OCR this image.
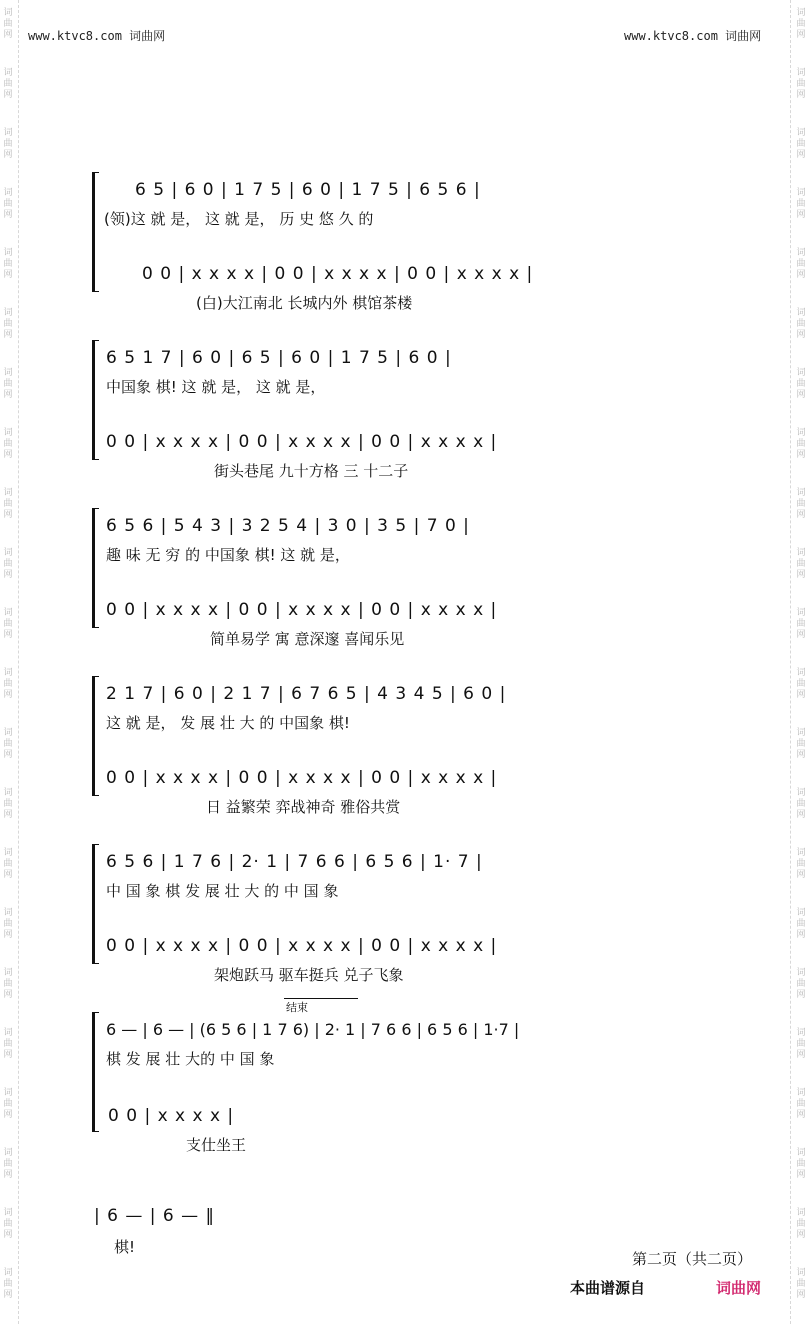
词
曲
网
词
曲
网
词
曲
网
词
曲
网
词
曲
网
词
曲
网
词
曲
网
词
曲
网
词
曲
网
词
曲
网
词
曲
网
词
曲
网
词
曲
网
词
曲
网
词
曲
网
词
曲
网
词
曲
网
词
曲
网
词
曲
网
词
曲
网
词
曲
网
词
曲
网
词
曲
网
词
曲
网
词
曲
网
词
曲
网
词
曲
网
词
曲
网
词
曲
网
词
曲
网
词
曲
网
词
曲
网
词
曲
网
词
曲
网
词
曲
网
词
曲
网
词
曲
网
词
曲
网
词
曲
网
词
曲
网
词
曲
网
词
曲
网
词
曲
网
词
曲
网
www.ktvc8.com 词曲网	www.ktvc8.com 词曲网
6 5 | 6 0 | 1 7 5 | 6 0 | 1 7 5 | 6 5 6 |
(领)这 就 是， 这 就 是， 历 史 悠 久 的
0 0 | x x x x | 0 0 | x x x x | 0 0 | x x x x |
(白)大江南北 长城内外 棋馆茶楼
6 5 1 7 | 6 0 | 6 5 | 6 0 | 1 7 5 | 6 0 |
中国象 棋! 这 就 是， 这 就 是，
0 0 | x x x x | 0 0 | x x x x | 0 0 | x x x x |
街头巷尾 九十方格 三 十二子
6 5 6 | 5 4 3 | 3 2 5 4 | 3 0 | 3 5 | 7 0 |
趣 味 无 穷 的 中国象 棋! 这 就 是，
0 0 | x x x x | 0 0 | x x x x | 0 0 | x x x x |
简单易学 寓 意深邃 喜闻乐见
2 1 7 | 6 0 | 2 1 7 | 6 7 6 5 | 4 3 4 5 | 6 0 |
这 就 是， 发 展 壮 大 的 中国象 棋!
0 0 | x x x x | 0 0 | x x x x | 0 0 | x x x x |
日 益繁荣 弈战神奇 雅俗共赏
6 5 6 | 1 7 6 | 2· 1 | 7 6 6 | 6 5 6 | 1· 7 |
中 国 象 棋 发 展 壮 大 的 中 国 象
0 0 | x x x x | 0 0 | x x x x | 0 0 | x x x x |
架炮跃马 驱车挺兵 兑子飞象
结束
6 — | 6 — | (6 5 6 | 1 7 6) | 2· 1 | 7 6 6 | 6 5 6 | 1·7 |
棋 发 展 壮 大的 中 国 象
0 0 | x x x x |
支仕坐王
| 6 — | 6 — ‖
棋!
第二页（共二页）
本曲谱源自	词曲网
